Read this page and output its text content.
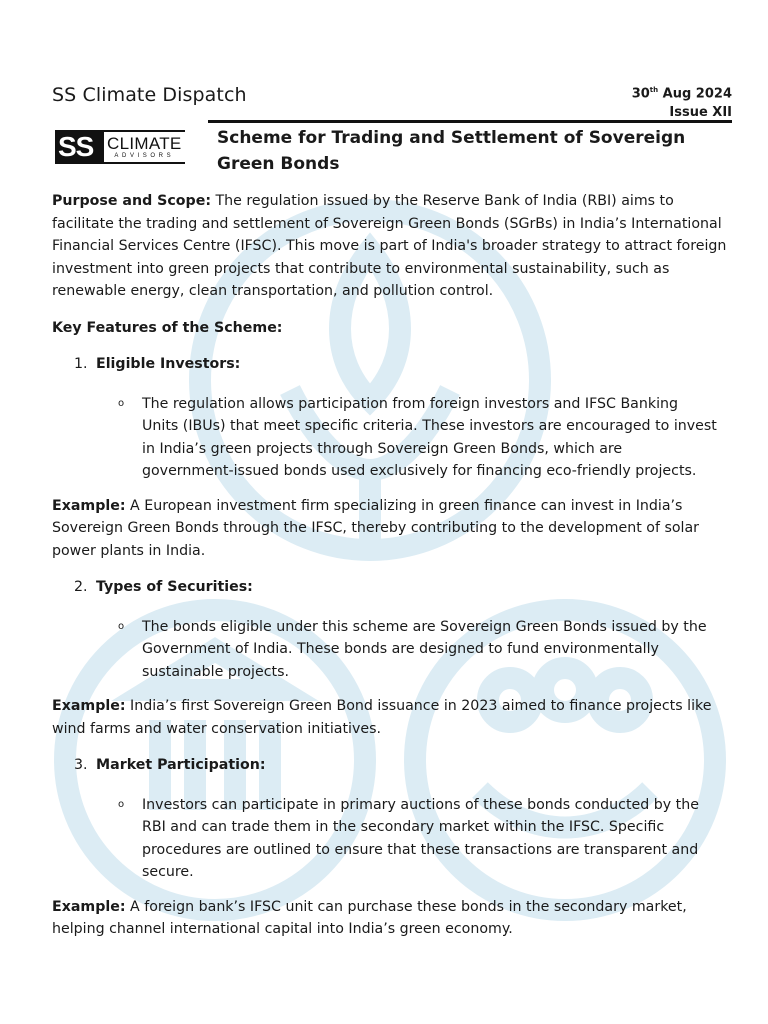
SS Climate Dispatch	30th Aug 2024
Issue XII
SS CLIMATE
ADVISORS
Scheme for Trading and Settlement of Sovereign Green Bonds

Purpose and Scope: The regulation issued by the Reserve Bank of India (RBI) aims to facilitate the trading and settlement of Sovereign Green Bonds (SGrBs) in India’s International Financial Services Centre (IFSC). This move is part of India's broader strategy to attract foreign investment into green projects that contribute to environmental sustainability, such as renewable energy, clean transportation, and pollution control.

Key Features of the Scheme:

1. Eligible Investors:

o The regulation allows participation from foreign investors and IFSC Banking Units (IBUs) that meet specific criteria. These investors are encouraged to invest in India’s green projects through Sovereign Green Bonds, which are government-issued bonds used exclusively for financing eco-friendly projects.

Example: A European investment firm specializing in green finance can invest in India’s Sovereign Green Bonds through the IFSC, thereby contributing to the development of solar power plants in India.

2. Types of Securities:

o The bonds eligible under this scheme are Sovereign Green Bonds issued by the Government of India. These bonds are designed to fund environmentally sustainable projects.

Example: India’s first Sovereign Green Bond issuance in 2023 aimed to finance projects like wind farms and water conservation initiatives.

3. Market Participation:

o Investors can participate in primary auctions of these bonds conducted by the RBI and can trade them in the secondary market within the IFSC. Specific procedures are outlined to ensure that these transactions are transparent and secure.

Example: A foreign bank’s IFSC unit can purchase these bonds in the secondary market, helping channel international capital into India’s green economy.
